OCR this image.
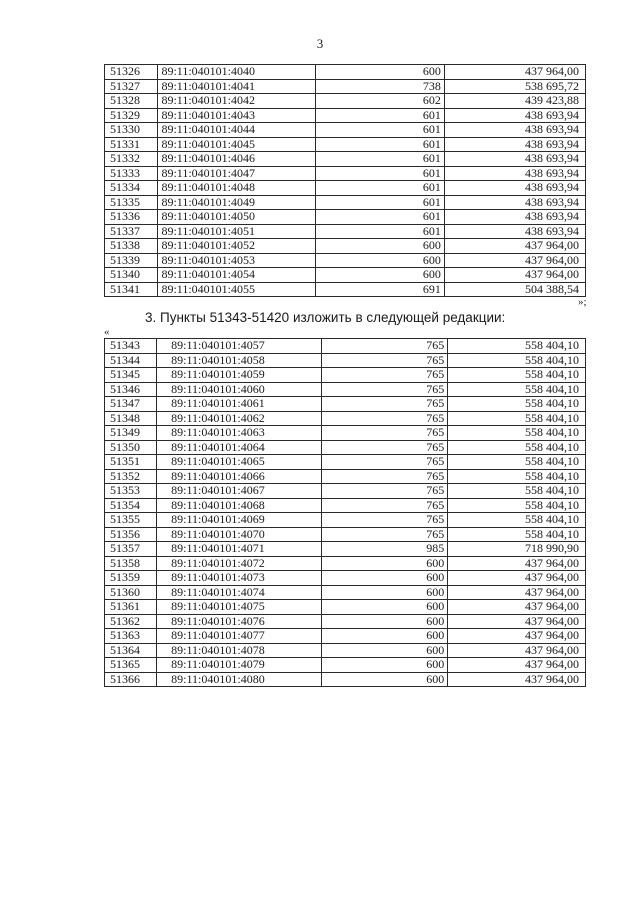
3
51326	89:11:040101:4040	600	437 964,00
51327	89:11:040101:4041	738	538 695,72
51328	89:11:040101:4042	602	439 423,88
51329	89:11:040101:4043	601	438 693,94
51330	89:11:040101:4044	601	438 693,94
51331	89:11:040101:4045	601	438 693,94
51332	89:11:040101:4046	601	438 693,94
51333	89:11:040101:4047	601	438 693,94
51334	89:11:040101:4048	601	438 693,94
51335	89:11:040101:4049	601	438 693,94
51336	89:11:040101:4050	601	438 693,94
51337	89:11:040101:4051	601	438 693,94
51338	89:11:040101:4052	600	437 964,00
51339	89:11:040101:4053	600	437 964,00
51340	89:11:040101:4054	600	437 964,00
51341	89:11:040101:4055	691	504 388,54
»;
3. Пункты 51343-51420 изложить в следующей редакции:
«
51343	89:11:040101:4057	765	558 404,10
51344	89:11:040101:4058	765	558 404,10
51345	89:11:040101:4059	765	558 404,10
51346	89:11:040101:4060	765	558 404,10
51347	89:11:040101:4061	765	558 404,10
51348	89:11:040101:4062	765	558 404,10
51349	89:11:040101:4063	765	558 404,10
51350	89:11:040101:4064	765	558 404,10
51351	89:11:040101:4065	765	558 404,10
51352	89:11:040101:4066	765	558 404,10
51353	89:11:040101:4067	765	558 404,10
51354	89:11:040101:4068	765	558 404,10
51355	89:11:040101:4069	765	558 404,10
51356	89:11:040101:4070	765	558 404,10
51357	89:11:040101:4071	985	718 990,90
51358	89:11:040101:4072	600	437 964,00
51359	89:11:040101:4073	600	437 964,00
51360	89:11:040101:4074	600	437 964,00
51361	89:11:040101:4075	600	437 964,00
51362	89:11:040101:4076	600	437 964,00
51363	89:11:040101:4077	600	437 964,00
51364	89:11:040101:4078	600	437 964,00
51365	89:11:040101:4079	600	437 964,00
51366	89:11:040101:4080	600	437 964,00
